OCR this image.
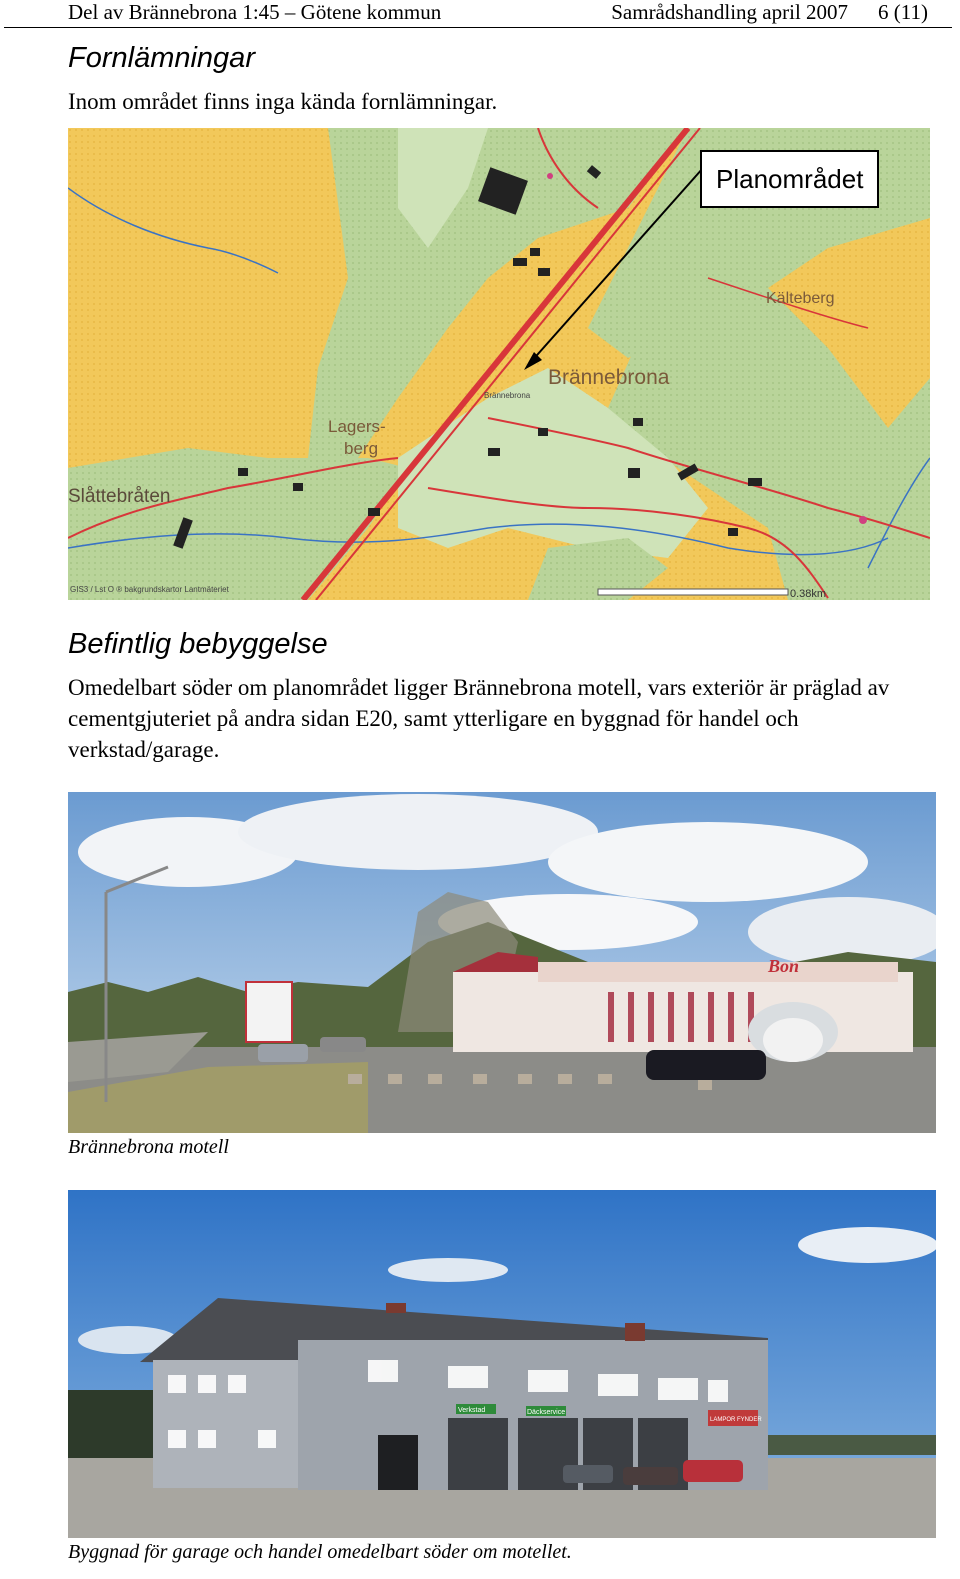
Del av Brännebrona 1:45 – Götene kommun	Samrådshandling april 2007 6 (11)
Fornlämningar
Inom området finns inga kända fornlämningar.
Kälteberg
Brännebrona
Lagers-
berg
Slåttebråten
Brännebrona
GIS3 / Lst O ® bakgrundskartor Lantmäteriet	0.38km
Planområdet
Befintlig bebyggelse
Omedelbart söder om planområdet ligger Brännebrona motell, vars exteriör är präglad av cementgjuteriet på andra sidan E20, samt ytterligare en byggnad för handel och verkstad/garage.
Bon
Brännebrona motell
Verkstad	Däckservice
LAMPOR FYNDER
Byggnad för garage och handel omedelbart söder om motellet.
